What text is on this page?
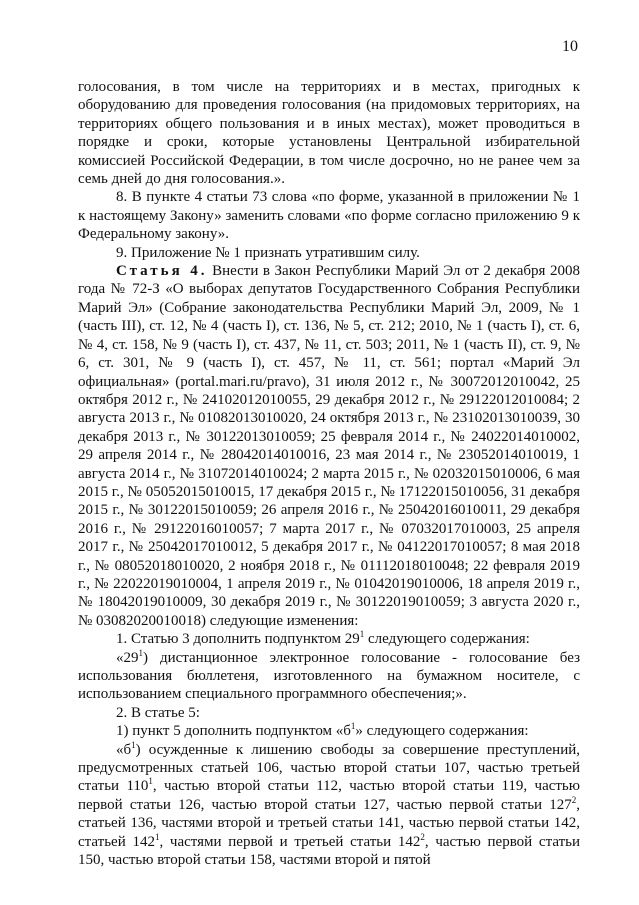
10

голосования, в том числе на территориях и в местах, пригодных к оборудованию для проведения голосования (на придомовых территориях, на территориях общего пользования и в иных местах), может проводиться в порядке и сроки, которые установлены Центральной избирательной комиссией Российской Федерации, в том числе досрочно, но не ранее чем за семь дней до дня голосования.».

8. В пункте 4 статьи 73 слова «по форме, указанной в приложении № 1 к настоящему Закону» заменить словами «по форме согласно приложению 9 к Федеральному закону».

9. Приложение № 1 признать утратившим силу.

Статья 4. Внести в Закон Республики Марий Эл от 2 декабря 2008 года № 72-З «О выборах депутатов Государственного Собрания Республики Марий Эл» (Собрание законодательства Республики Марий Эл, 2009, № 1 (часть III), ст. 12, № 4 (часть I), ст. 136, № 5, ст. 212; 2010, № 1 (часть I), ст. 6, № 4, ст. 158, № 9 (часть I), ст. 437, № 11, ст. 503; 2011, № 1 (часть II), ст. 9, № 6, ст. 301, № 9 (часть I), ст. 457, № 11, ст. 561; портал «Марий Эл официальная» (portal.mari.ru/pravo), 31 июля 2012 г., № 30072012010042, 25 октября 2012 г., № 24102012010055, 29 декабря 2012 г., № 29122012010084; 2 августа 2013 г., № 01082013010020, 24 октября 2013 г., № 23102013010039, 30 декабря 2013 г., № 30122013010059; 25 февраля 2014 г., № 24022014010002, 29 апреля 2014 г., № 28042014010016, 23 мая 2014 г., № 23052014010019, 1 августа 2014 г., № 31072014010024; 2 марта 2015 г., № 02032015010006, 6 мая 2015 г., № 05052015010015, 17 декабря 2015 г., № 17122015010056, 31 декабря 2015 г., № 30122015010059; 26 апреля 2016 г., № 25042016010011, 29 декабря 2016 г., № 29122016010057; 7 марта 2017 г., № 07032017010003, 25 апреля 2017 г., № 25042017010012, 5 декабря 2017 г., № 04122017010057; 8 мая 2018 г., № 08052018010020, 2 ноября 2018 г., № 01112018010048; 22 февраля 2019 г., № 22022019010004, 1 апреля 2019 г., № 01042019010006, 18 апреля 2019 г., № 18042019010009, 30 декабря 2019 г., № 30122019010059; 3 августа 2020 г., № 03082020010018) следующие изменения:

1. Статью 3 дополнить подпунктом $29^1$ следующего содержания:

«$29^1$) дистанционное электронное голосование - голосование без использования бюллетеня, изготовленного на бумажном носителе, с использованием специального программного обеспечения;».

2. В статье 5:

1) пункт 5 дополнить подпунктом «$б^1$» следующего содержания:

«$б^1$) осужденные к лишению свободы за совершение преступлений, предусмотренных статьей 106, частью второй статьи 107, частью третьей статьи $110^1$, частью второй статьи 112, частью второй статьи 119, частью первой статьи 126, частью второй статьи 127, частью первой статьи $127^2$, статьей 136, частями второй и третьей статьи 141, частью первой статьи 142, статьей $142^1$, частями первой и третьей статьи $142^2$, частью первой статьи 150, частью второй статьи 158, частями второй и пятой
